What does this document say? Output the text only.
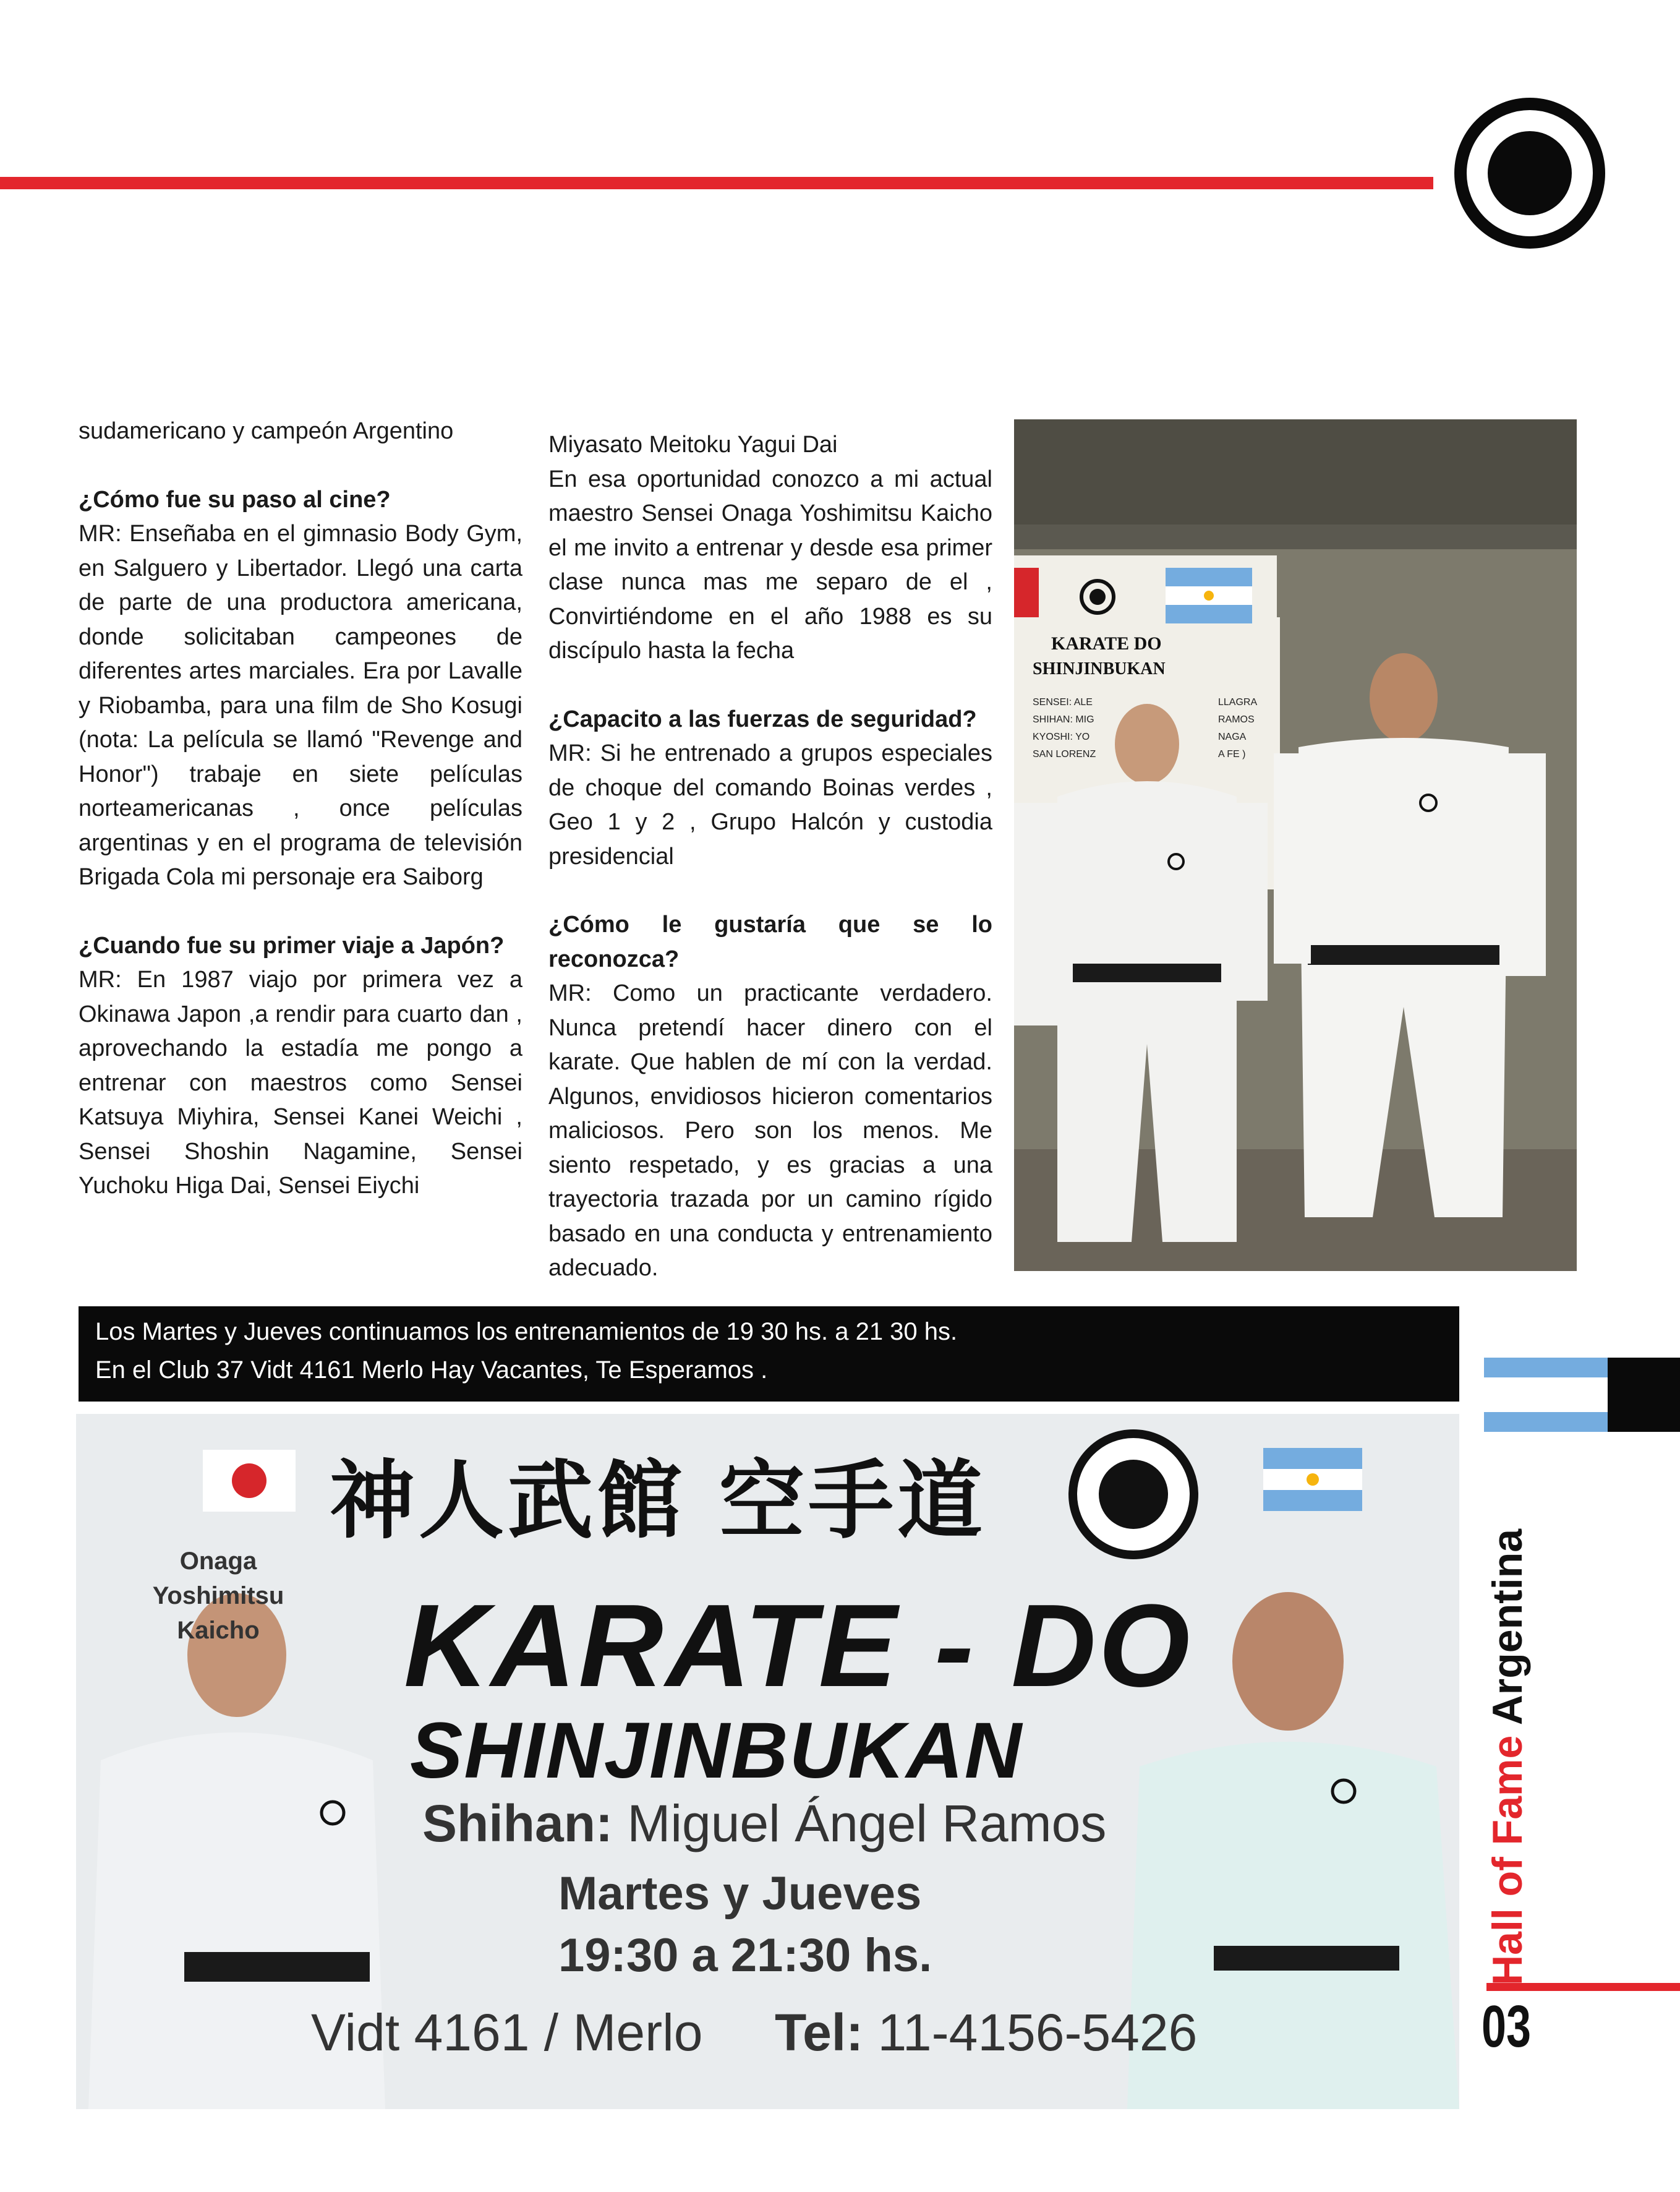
sudamericano y campeón Argentino

¿Cómo fue su paso al cine?

MR: Enseñaba en el gimnasio Body Gym, en Salguero y Libertador. Llegó una carta de parte de una productora americana, donde solicitaban campeones de diferentes artes marciales. Era por Lavalle y Riobamba, para una film de Sho Kosugi (nota: La película se llamó "Revenge and Honor") trabaje en siete películas norteamericanas , once películas argentinas y en el programa de televisión Brigada Cola mi personaje era Saiborg

¿Cuando fue su primer viaje a Japón?

MR: En 1987 viajo por primera vez a Okinawa Japon ,a rendir para cuarto dan , aprovechando la estadía me pongo a entrenar con maestros como Sensei Katsuya Miyhira, Sensei Kanei Weichi , Sensei Shoshin Nagamine, Sensei Yuchoku Higa Dai, Sensei Eiychi

Miyasato Meitoku Yagui Dai

En esa oportunidad conozco a mi actual maestro Sensei Onaga Yoshimitsu Kaicho el me invito a entrenar y desde esa primer clase nunca mas me separo de el , Convirtiéndome en el año 1988 es su discípulo hasta la fecha

¿Capacito a las fuerzas de seguridad?

MR: Si he entrenado a grupos especiales de choque del comando Boinas verdes , Geo 1 y 2 , Grupo Halcón y custodia presidencial

¿Cómo le gustaría que se lo reconozca?

MR: Como un practicante verdadero. Nunca pretendí hacer dinero con el karate. Que hablen de mí con la verdad. Algunos, envidiosos hicieron comentarios maliciosos. Pero son los menos. Me siento respetado, y es gracias a una trayectoria trazada por un camino rígido basado en una conducta y entrenamiento adecuado.

KARATE DO
SHINJINBUKAN
SENSEI: ALE
SHIHAN: MIG
KYOSHI: YO
SAN LORENZ
LLAGRA
RAMOS
NAGA
A FE )
Los Martes y Jueves continuamos los entrenamientos de 19 30 hs. a 21 30 hs.
En el Club 37 Vidt 4161 Merlo Hay Vacantes, Te Esperamos .
Hall of Fame Argentina
03
神人武館 空手道
Onaga
Yoshimitsu
Kaicho	KARATE - DO
SHINJINBUKAN
Shihan: Miguel Ángel Ramos
Martes y Jueves
19:30 a 21:30 hs.
Vidt 4161 / Merlo Tel: 11-4156-5426
